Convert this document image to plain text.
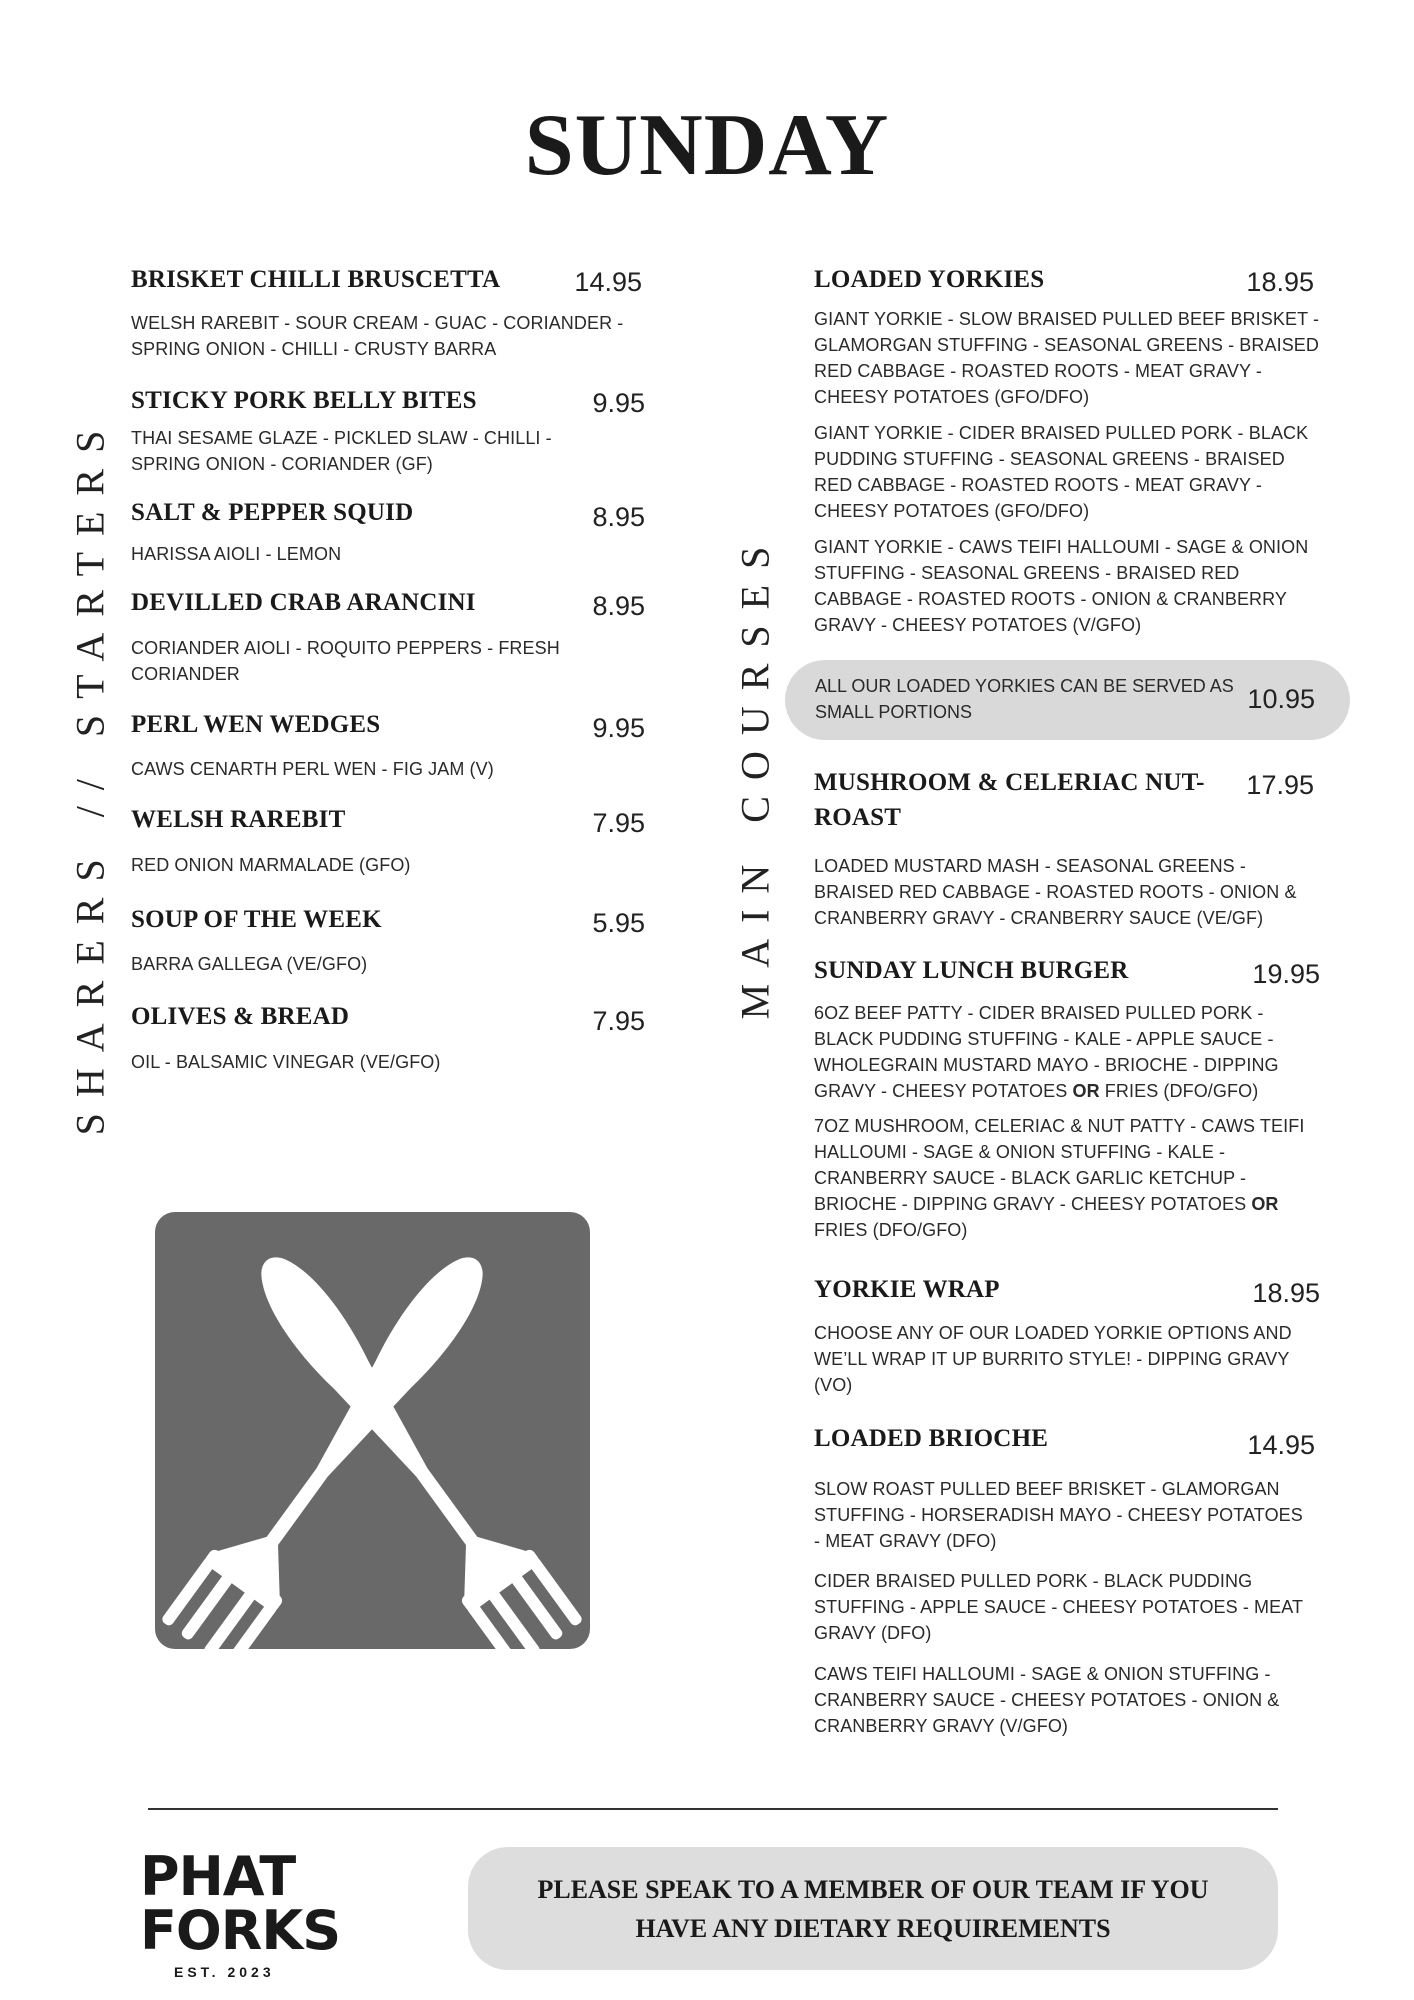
SUNDAY
SHARERS // STARTERS	MAIN COURSES
BRISKET CHILLI BRUSCETTA	14.95

WELSH RAREBIT - SOUR CREAM - GUAC - CORIANDER - SPRING ONION - CHILLI - CRUSTY BARRA

STICKY PORK BELLY BITES	9.95

THAI SESAME GLAZE - PICKLED SLAW - CHILLI - SPRING ONION - CORIANDER (GF)

SALT & PEPPER SQUID	8.95

HARISSA AIOLI - LEMON

DEVILLED CRAB ARANCINI	8.95

CORIANDER AIOLI - ROQUITO PEPPERS - FRESH CORIANDER

PERL WEN WEDGES	9.95

CAWS CENARTH PERL WEN - FIG JAM (V)

WELSH RAREBIT	7.95

RED ONION MARMALADE (GFO)

SOUP OF THE WEEK	5.95

BARRA GALLEGA (VE/GFO)

OLIVES & BREAD	7.95

OIL - BALSAMIC VINEGAR (VE/GFO)

LOADED YORKIES	18.95

GIANT YORKIE - SLOW BRAISED PULLED BEEF BRISKET - GLAMORGAN STUFFING - SEASONAL GREENS - BRAISED RED CABBAGE - ROASTED ROOTS - MEAT GRAVY - CHEESY POTATOES (GFO/DFO)

GIANT YORKIE - CIDER BRAISED PULLED PORK - BLACK PUDDING STUFFING - SEASONAL GREENS - BRAISED RED CABBAGE - ROASTED ROOTS - MEAT GRAVY - CHEESY POTATOES (GFO/DFO)

GIANT YORKIE - CAWS TEIFI HALLOUMI - SAGE & ONION STUFFING - SEASONAL GREENS - BRAISED RED CABBAGE - ROASTED ROOTS - ONION & CRANBERRY GRAVY - CHEESY POTATOES (V/GFO)

ALL OUR LOADED YORKIES CAN BE SERVED AS SMALL PORTIONS	10.95
MUSHROOM & CELERIAC NUT-ROAST
17.95

LOADED MUSTARD MASH - SEASONAL GREENS - BRAISED RED CABBAGE - ROASTED ROOTS - ONION & CRANBERRY GRAVY - CRANBERRY SAUCE (VE/GF)

SUNDAY LUNCH BURGER	19.95

6OZ BEEF PATTY - CIDER BRAISED PULLED PORK - BLACK PUDDING STUFFING - KALE - APPLE SAUCE - WHOLEGRAIN MUSTARD MAYO - BRIOCHE - DIPPING GRAVY - CHEESY POTATOES OR FRIES (DFO/GFO)

7OZ MUSHROOM, CELERIAC & NUT PATTY - CAWS TEIFI HALLOUMI - SAGE & ONION STUFFING - KALE - CRANBERRY SAUCE - BLACK GARLIC KETCHUP - BRIOCHE - DIPPING GRAVY - CHEESY POTATOES OR FRIES (DFO/GFO)

YORKIE WRAP	18.95

CHOOSE ANY OF OUR LOADED YORKIE OPTIONS AND WE’LL WRAP IT UP BURRITO STYLE! - DIPPING GRAVY (VO)

LOADED BRIOCHE	14.95

SLOW ROAST PULLED BEEF BRISKET - GLAMORGAN STUFFING - HORSERADISH MAYO - CHEESY POTATOES - MEAT GRAVY (DFO)

CIDER BRAISED PULLED PORK - BLACK PUDDING STUFFING - APPLE SAUCE - CHEESY POTATOES - MEAT GRAVY (DFO)

CAWS TEIFI HALLOUMI - SAGE & ONION STUFFING - CRANBERRY SAUCE - CHEESY POTATOES - ONION & CRANBERRY GRAVY (V/GFO)

PHAT
FORKS
EST. 2023

PLEASE SPEAK TO A MEMBER OF OUR TEAM IF YOU HAVE ANY DIETARY REQUIREMENTS
